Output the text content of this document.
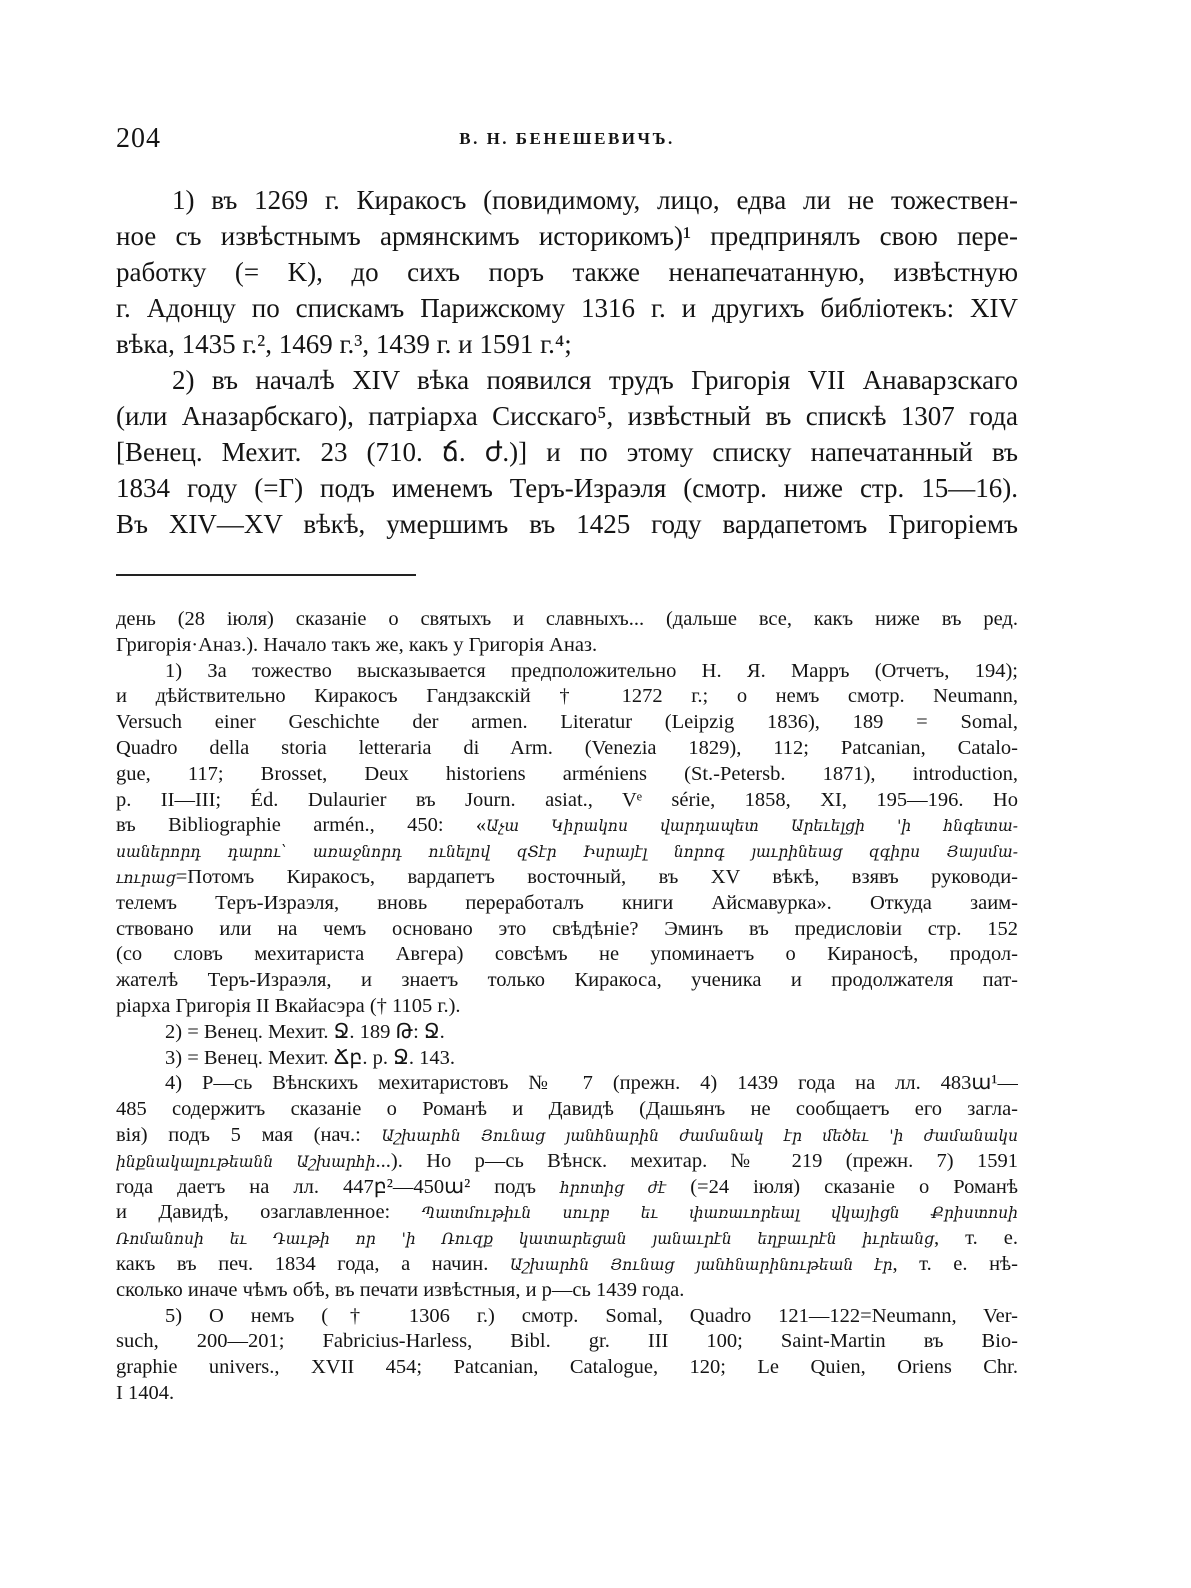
204	В. Н. БЕНЕШЕВИЧЪ.
1) въ 1269 г. Киракосъ (повидимому, лицо, едва ли не тожествен-
ное съ извѣстнымъ армянскимъ историкомъ)¹ предпринялъ свою пере-
работку (= K), до сихъ поръ также ненапечатанную, извѣстную
г. Адонцу по спискамъ Парижскому 1316 г. и другихъ библіотекъ: XIV
вѣка, 1435 г.², 1469 г.³, 1439 г. и 1591 г.⁴;
2) въ началѣ XIV вѣка появился трудъ Григорія VII Анаварзскаго
(или Аназарбскаго), патріарха Сисскаго⁵, извѣстный въ спискѣ 1307 года
[Венец. Мехит. 23 (710. ճ. ժ.)] и по этому списку напечатанный въ
1834 году (=Г) подъ именемъ Теръ-Израэля (смотр. ниже стр. 15—16).
Въ XIV—XV вѣкѣ, умершимъ въ 1425 году вардапетомъ Григоріемъ
день (28 іюля) сказаніе о святыхъ и славныхъ... (дальше все, какъ ниже въ ред.
Григорія·Аназ.). Начало такъ же, какъ у Григорія Аназ.
1) За тожество высказывается предположительно Н. Я. Марръ (Отчетъ, 194);
и дѣйствительно Киракосъ Гандзакскій † 1272 г.; о немъ смотр. Neumann,
Versuch einer Geschichte der armen. Literatur (Leipzig 1836), 189 = Somal,
Quadro della storia letteraria di Arm. (Venezia 1829), 112; Patcanian, Catalo-
gue, 117; Brosset, Deux historiens arméniens (St.-Petersb. 1871), introduction,
p. II—III; Éd. Dulaurier въ Journ. asiat., Vᵉ série, 1858, XI, 195—196. Но
въ Bibliographie armén., 450: «Աչա Կիրակոս վարդապետ Արեւելցի 'ի հնգետա-
սաներորդ դարու՝ առաջնորդ ունելով զՏէր Իսրայէլ նորոգ յաւրինեաց զգիրս Յայսմա-
ւուրաց=Потомъ Киракосъ, вардапетъ восточный, въ XV вѣкѣ, взявъ руководи-
телемъ Теръ-Израэля, вновь переработалъ книги Айсмавурка». Откуда заим-
ствовано или на чемъ основано это свѣдѣніе? Эминъ въ предисловіи стр. 152
(со словъ мехитариста Авгера) совсѣмъ не упоминаетъ о Кираносѣ, продол-
жателѣ Теръ-Израэля, и знаетъ только Киракоса, ученика и продолжателя пат-
ріарха Григорія II Вкайасэра († 1105 г.).
2) = Венец. Мехит. Ջ. 189 Թ: Ջ.
3) = Венец. Мехит. Ճբ. р. Ջ. 143.
4) Р—сь Вѣнскихъ мехитаристовъ № 7 (прежн. 4) 1439 года на лл. 483ա¹—
485 содержитъ сказаніе о Романѣ и Давидѣ (Дашьянъ не сообщаетъ его загла-
вія) подъ 5 мая (нач.: Աշխարհն Յունաց յանհնարին ժամանակ էր մեծեւ 'ի ժամանակս
ինքնակալութեանն Աշխարհի...). Но р—сь Вѣнск. мехитар. № 219 (прежн. 7) 1591
года даетъ на лл. 447բ²—450ա² подъ հրոտից ժէ (=24 іюля) сказаніе о Романѣ
и Давидѣ, озаглавленное: Պատմութիւն սուրբ եւ փառաւորեալ վկայիցն Քրիստոսի
Ռոմանոսի եւ Դաւթի որ 'ի Ռուզք կատարեցան յանաւրէն եղբաւրէն իւրեանց, т. е.
какъ въ печ. 1834 года, а начин. Աշխարհն Յունաց յանհնարինութեան էր, т. е. нѣ-
сколько иначе чѣмъ обѣ, въ печати извѣстныя, и р—сь 1439 года.
5) О немъ († 1306 г.) смотр. Somal, Quadro 121—122=Neumann, Ver-
such, 200—201; Fabricius-Harless, Bibl. gr. III 100; Saint-Martin въ Bio-
graphie univers., XVII 454; Patcanian, Catalogue, 120; Le Quien, Oriens Chr.
I 1404.
